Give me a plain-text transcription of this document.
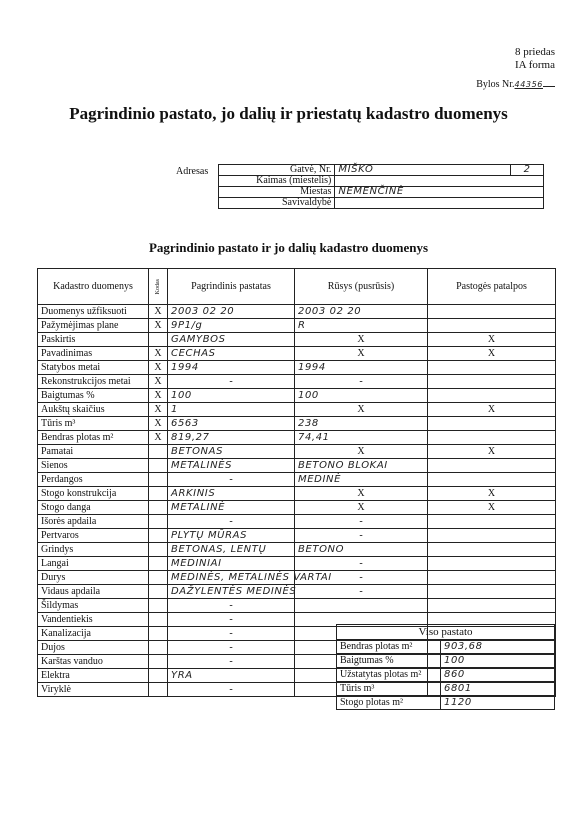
8 priedas
IA forma
Bylos Nr.44356
Pagrindinio pastato, jo dalių ir priestatų kadastro duomenys
Adresas	Gatvė, Nr.	MIŠKO	2
Kaimas (miestelis)		
Miestas	NEMENČINĖ	
Savivaldybė		
Pagrindinio pastato ir jo dalių kadastro duomenys
Kadastro duomenys	Kodas	Pagrindinis pastatas	Rūsys (pusrūsis)	Pastogės patalpos
Duomenys užfiksuoti	X	2003 02 20	2003 02 20	
Pažymėjimas plane	X	9P1/g	R	
Paskirtis		GAMYBOS	X	X
Pavadinimas	X	CECHAS	X	X
Statybos metai	X	1994	1994	
Rekonstrukcijos metai	X	-	-	
Baigtumas %	X	100	100	
Aukštų skaičius	X	1	X	X
Tūris m³	X	6563	238	
Bendras plotas m²	X	819,27	74,41	
Pamatai		BETONAS	X	X
Sienos		METALINĖS	BETONO BLOKAI	
Perdangos		-	MEDINĖ	
Stogo konstrukcija		ARKINIS	X	X
Stogo danga		METALINĖ	X	X
Išorės apdaila		-	-	
Pertvaros		PLYTŲ MŪRAS	-	
Grindys		BETONAS, LENTŲ	BETONO	
Langai		MEDINIAI	-	
Durys		MEDINĖS, METALINĖS VARTAI	-	
Vidaus apdaila		DAŽYLENTĖS MEDINĖS	-	
Šildymas		-		
Vandentiekis		-		
Kanalizacija		-		
Dujos		-		
Karštas vanduo		-		
Elektra		YRA		
Viryklė		-		
Viso pastato	
Bendras plotas m²	903,68
Baigtumas %	100
Užstatytas plotas m²	860
Tūris m³	6801
Stogo plotas m²	1120
